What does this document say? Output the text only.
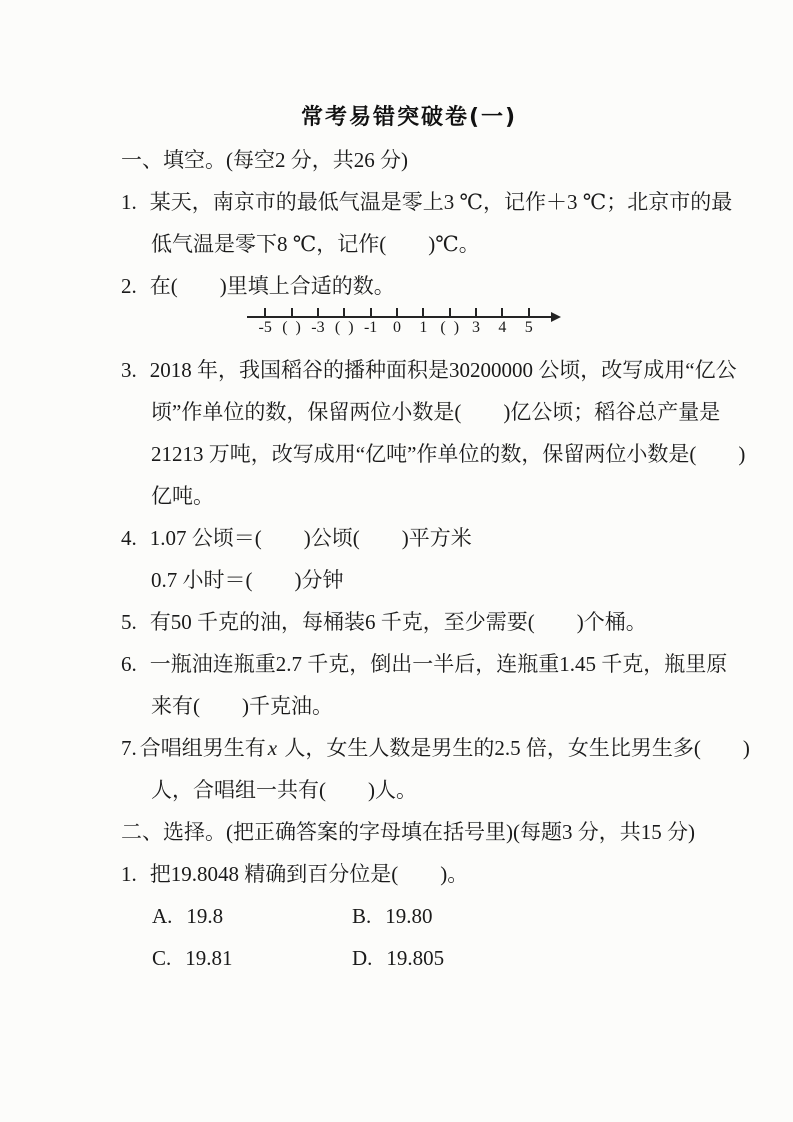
常考易错突破卷(一)
一、填空。(每空2 分，共26 分)
1. 某天，南京市的最低气温是零上3 ℃，记作＋3 ℃；北京市的最
低气温是零下8 ℃，记作(　　)℃。
2. 在(　　)里填上合适的数。
-5 ( ) -3 ( ) -1 0	1 ( ) 3	4	5
3. 2018 年，我国稻谷的播种面积是30200000 公顷，改写成用“亿公
顷”作单位的数，保留两位小数是(　　)亿公顷；稻谷总产量是
21213 万吨，改写成用“亿吨”作单位的数，保留两位小数是(　　)
亿吨。
4. 1.07 公顷＝(　　)公顷(　　)平方米
0.7 小时＝(　　)分钟
5. 有50 千克的油，每桶装6 千克，至少需要(　　)个桶。
6. 一瓶油连瓶重2.7 千克，倒出一半后，连瓶重1.45 千克，瓶里原
来有(　　)千克油。
7. 合唱组男生有x 人，女生人数是男生的2.5 倍，女生比男生多(　　)
人，合唱组一共有(　　)人。
二、选择。(把正确答案的字母填在括号里)(每题3 分，共15 分)
1. 把19.8048 精确到百分位是(　　)。
A. 19.8	B. 19.80
C. 19.81	D. 19.805
